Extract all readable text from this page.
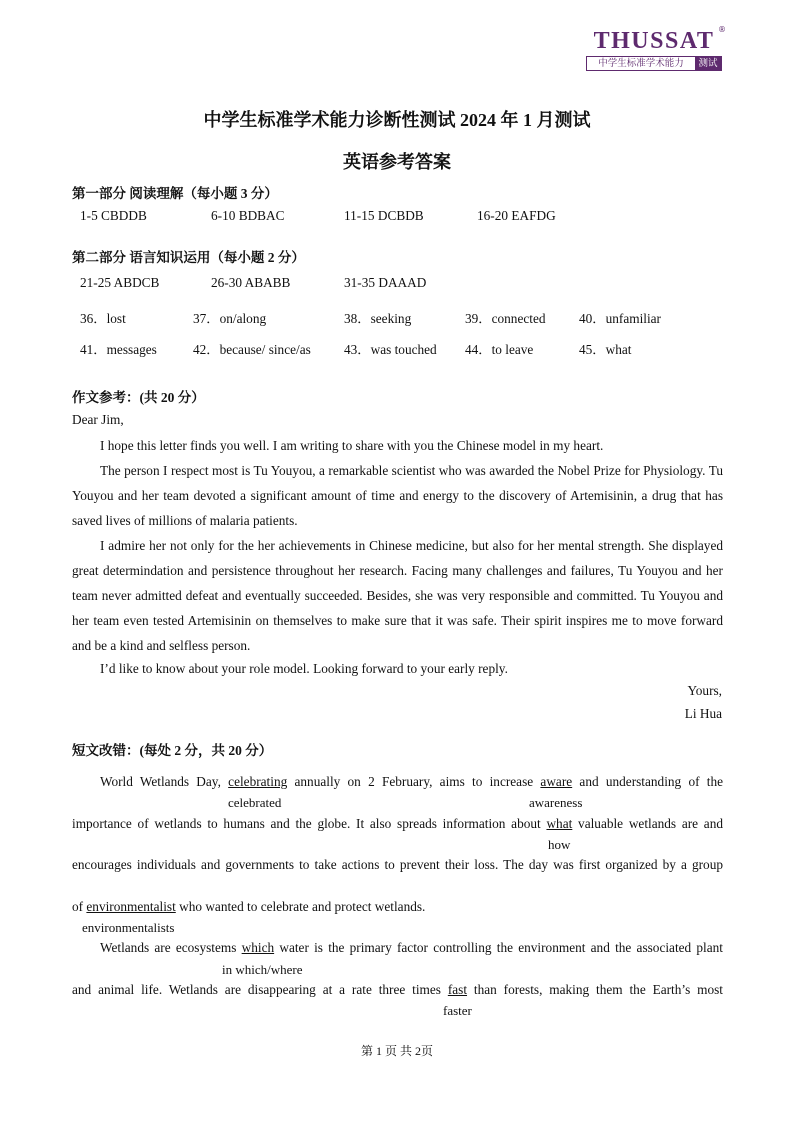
THUSSAT ®
中学生标准学术能力	测试
中学生标准学术能力诊断性测试 2024 年 1 月测试
英语参考答案
第一部分 阅读理解（每小题 3 分）
1-5 CBDDB	6-10 BDBAC	11-15 DCBDB	16-20 EAFDG
第二部分 语言知识运用（每小题 2 分）
21-25 ABDCB	26-30 ABABB	31-35 DAAAD
36．lost	37．on/along	38．seeking	39．connected	40．unfamiliar
41．messages	42．because/ since/as 43．was touched 44．to leave	45．what
作文参考：(共 20 分）
Dear Jim,
I hope this letter finds you well. I am writing to share with you the Chinese model in my heart.
The person I respect most is Tu Youyou, a remarkable scientist who was awarded the Nobel Prize for Physiology. Tu Youyou and her team devoted a significant amount of time and energy to the discovery of Artemisinin, a drug that has saved lives of millions of malaria patients.
I admire her not only for the her achievements in Chinese medicine, but also for her mental strength. She displayed great determindation and persistence throughout her research. Facing many challenges and failures, Tu Youyou and her team never admitted defeat and eventually succeeded. Besides, she was very responsible and committed. Tu Youyou and her team even tested Artemisinin on themselves to make sure that it was safe. Their spirit inspires me to move forward and be a kind and selfless person.
I’d like to know about your role model. Looking forward to your early reply.
Yours,
Li Hua
短文改错：(每处 2 分，共 20 分）
World Wetlands Day, celebrating annually on 2 February, aims to increase aware and understanding of the
celebrated	awareness
importance of wetlands to humans and the globe. It also spreads information about what valuable wetlands are and
how
encourages individuals and governments to take actions to prevent their loss. The day was first organized by a group
of environmentalist who wanted to celebrate and protect wetlands.
environmentalists
Wetlands are ecosystems which water is the primary factor controlling the environment and the associated plant
in which/where
and animal life. Wetlands are disappearing at a rate three times fast than forests, making them the Earth’s most
faster
第 1 页 共 2页
